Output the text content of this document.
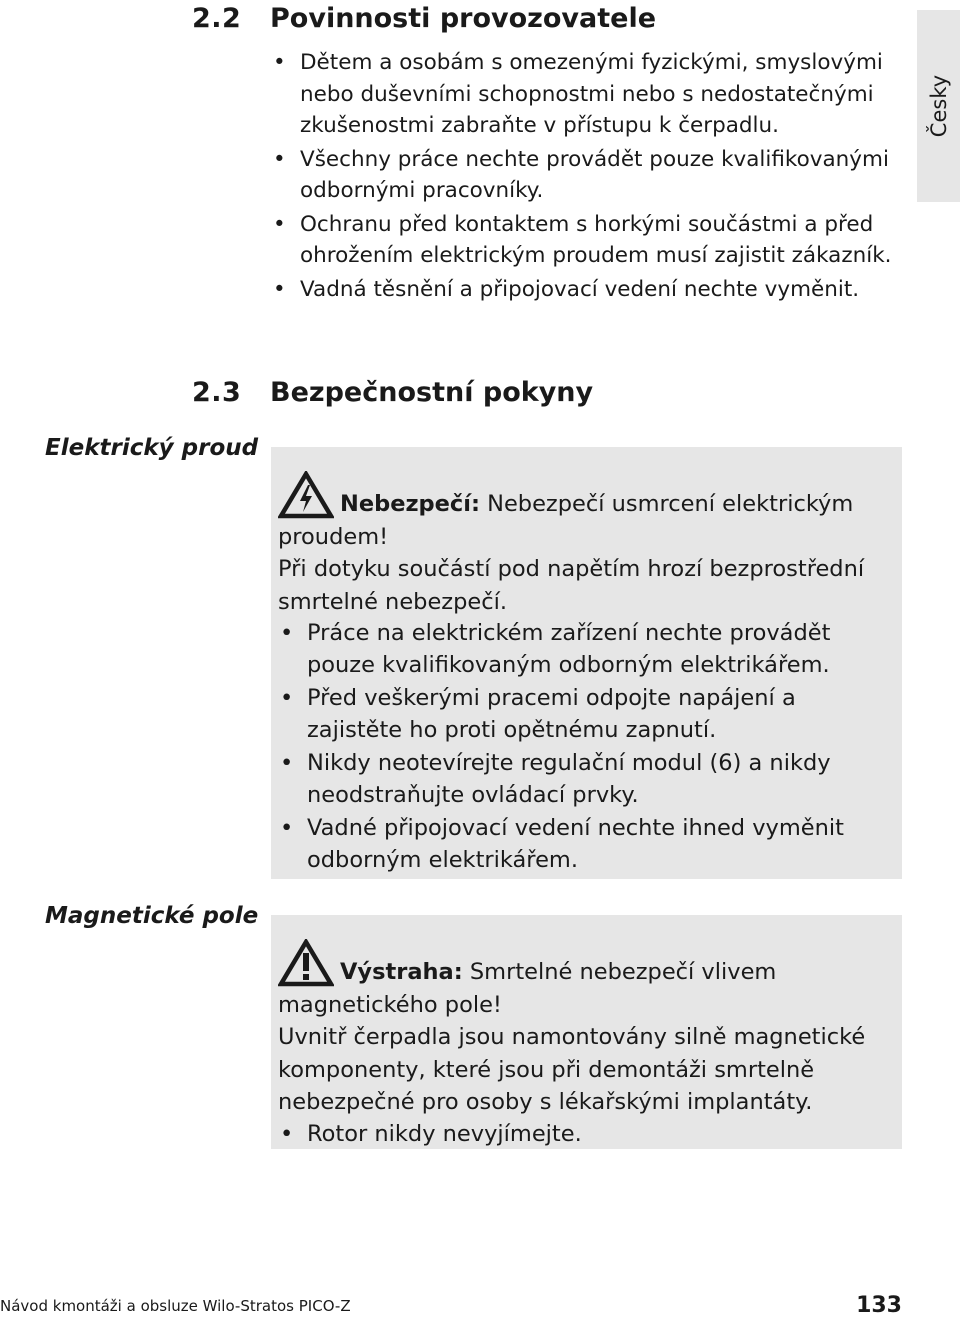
Česky
2.2 Povinnosti provozovatele
• Dětem a osobám s omezenými fyzickými, smyslovými nebo duševními schopnostmi nebo s nedostatečnými zkušenostmi zabraňte v přístupu k čerpadlu.
• Všechny práce nechte provádět pouze kvalifikovanými odbornými pracovníky.
• Ochranu před kontaktem s horkými součástmi a před ohrožením elektrickým proudem musí zajistit zákazník.
• Vadná těsnění a připojovací vedení nechte vyměnit.
2.3 Bezpečnostní pokyny
Elektrický proud
Nebezpečí: Nebezpečí usmrcení elektrickým proudem!
Při dotyku součástí pod napětím hrozí bezprostřední smrtelné nebezpečí.
• Práce na elektrickém zařízení nechte provádět pouze kvalifikovaným odborným elektrikářem.
• Před veškerými pracemi odpojte napájení a zajistěte ho proti opětnému zapnutí.
• Nikdy neotevírejte regulační modul (6) a nikdy neodstraňujte ovládací prvky.
• Vadné připojovací vedení nechte ihned vyměnit odborným elektrikářem.
Magnetické pole
Výstraha: Smrtelné nebezpečí vlivem magnetického pole!
Uvnitř čerpadla jsou namontovány silně magnetické komponenty, které jsou při demontáži smrtelně nebezpečné pro osoby s lékařskými implantáty.
• Rotor nikdy nevyjímejte.
Návod kmontáži a obsluze Wilo-Stratos PICO-Z	133
